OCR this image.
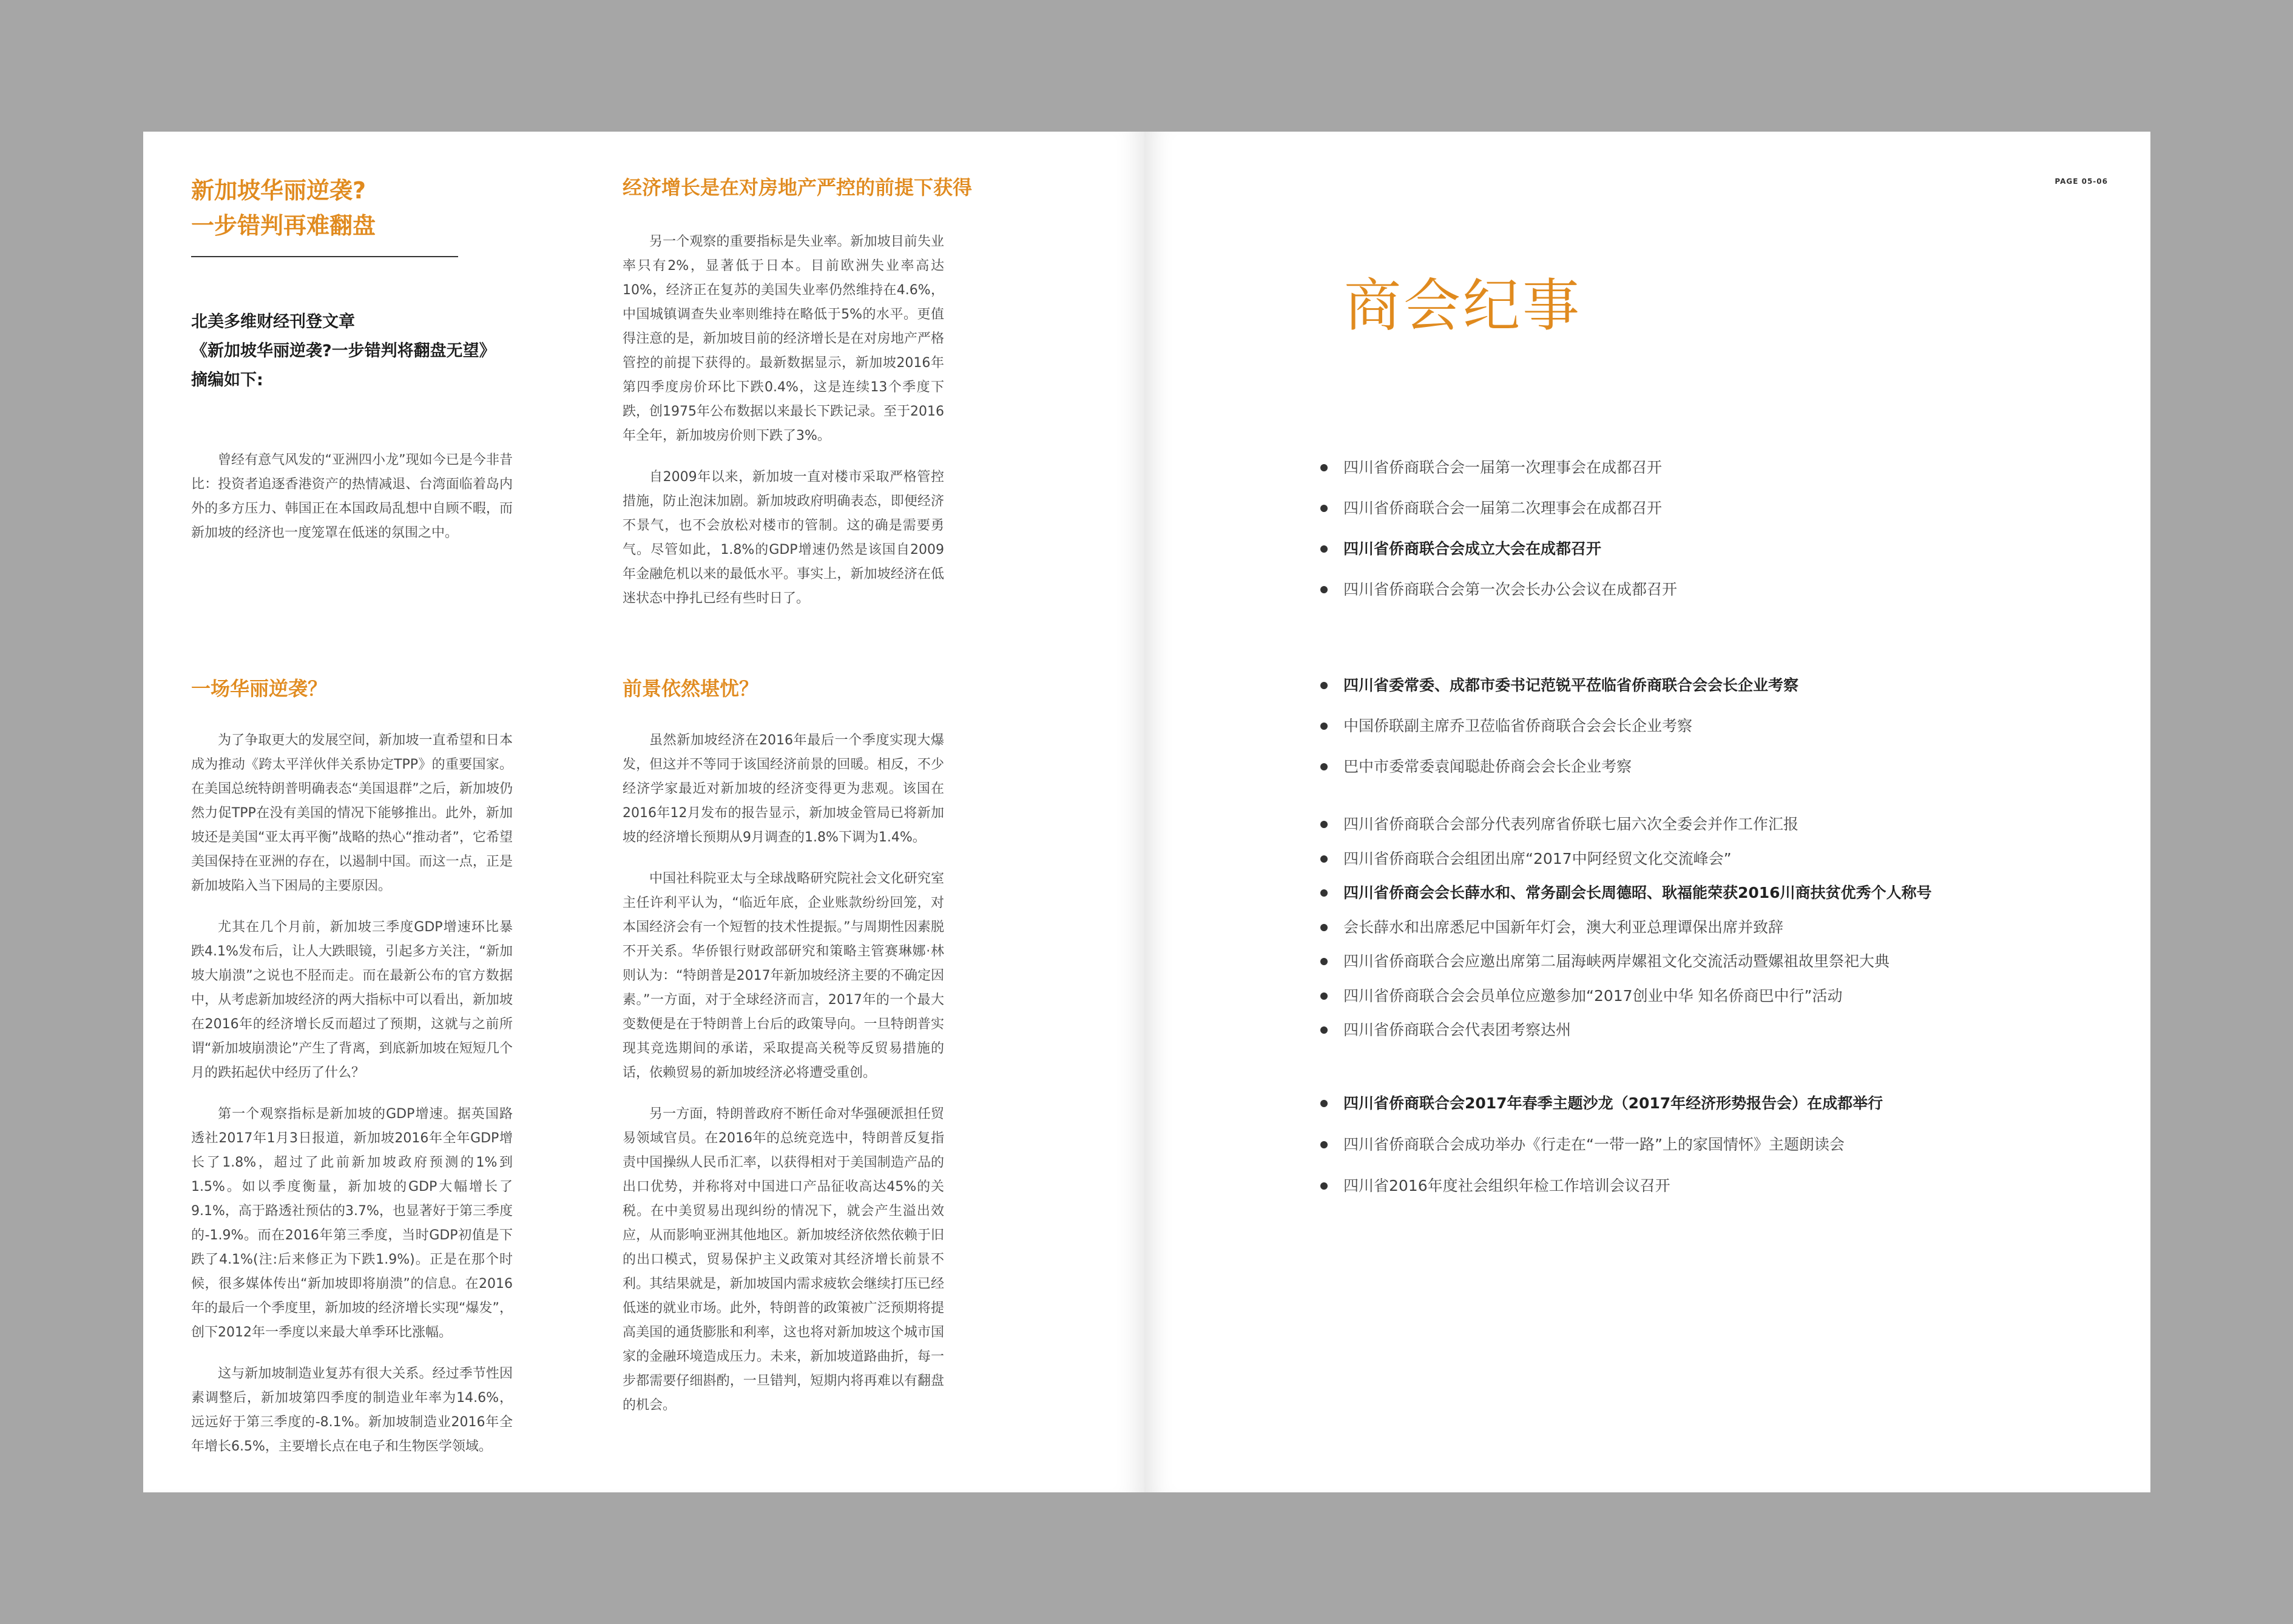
新加坡华丽逆袭?
一步错判再难翻盘
北美多维财经刊登文章
《新加坡华丽逆袭?一步错判将翻盘无望》
摘编如下:

曾经有意气风发的“亚洲四小龙”现如今已是今非昔比：投资者追逐香港资产的热情减退、台湾面临着岛内外的多方压力、韩国正在本国政局乱想中自顾不暇，而新加坡的经济也一度笼罩在低迷的氛围之中。

经济增长是在对房地产严控的前提下获得

另一个观察的重要指标是失业率。新加坡目前失业率只有2%，显著低于日本。目前欧洲失业率高达10%，经济正在复苏的美国失业率仍然维持在4.6%，中国城镇调查失业率则维持在略低于5%的水平。更值得注意的是，新加坡目前的经济增长是在对房地产严格管控的前提下获得的。最新数据显示，新加坡2016年第四季度房价环比下跌0.4%，这是连续13个季度下跌，创1975年公布数据以来最长下跌记录。至于2016年全年，新加坡房价则下跌了3%。

自2009年以来，新加坡一直对楼市采取严格管控措施，防止泡沫加剧。新加坡政府明确表态，即便经济不景气，也不会放松对楼市的管制。这的确是需要勇气。尽管如此，1.8%的GDP增速仍然是该国自2009年金融危机以来的最低水平。事实上，新加坡经济在低迷状态中挣扎已经有些时日了。

一场华丽逆袭？

为了争取更大的发展空间，新加坡一直希望和日本成为推动《跨太平洋伙伴关系协定TPP》的重要国家。在美国总统特朗普明确表态“美国退群”之后，新加坡仍然力促TPP在没有美国的情况下能够推出。此外，新加坡还是美国“亚太再平衡”战略的热心“推动者”，它希望美国保持在亚洲的存在，以遏制中国。而这一点，正是新加坡陷入当下困局的主要原因。

尤其在几个月前，新加坡三季度GDP增速环比暴跌4.1%发布后，让人大跌眼镜，引起多方关注，“新加坡大崩溃”之说也不胫而走。而在最新公布的官方数据中，从考虑新加坡经济的两大指标中可以看出，新加坡在2016年的经济增长反而超过了预期，这就与之前所谓“新加坡崩溃论”产生了背离，到底新加坡在短短几个月的跌拓起伏中经历了什么？

第一个观察指标是新加坡的GDP增速。据英国路透社2017年1月3日报道，新加坡2016年全年GDP增长了1.8%，超过了此前新加坡政府预测的1%到1.5%。如以季度衡量，新加坡的GDP大幅增长了9.1%，高于路透社预估的3.7%，也显著好于第三季度的-1.9%。而在2016年第三季度，当时GDP初值是下跌了4.1%(注:后来修正为下跌1.9%)。正是在那个时候，很多媒体传出“新加坡即将崩溃”的信息。在2016年的最后一个季度里，新加坡的经济增长实现“爆发”，创下2012年一季度以来最大单季环比涨幅。

这与新加坡制造业复苏有很大关系。经过季节性因素调整后，新加坡第四季度的制造业年率为14.6%，远远好于第三季度的-8.1%。新加坡制造业2016年全年增长6.5%，主要增长点在电子和生物医学领域。

前景依然堪忧？

虽然新加坡经济在2016年最后一个季度实现大爆发，但这并不等同于该国经济前景的回暖。相反，不少经济学家最近对新加坡的经济变得更为悲观。该国在2016年12月发布的报告显示，新加坡金管局已将新加坡的经济增长预期从9月调查的1.8%下调为1.4%。

中国社科院亚太与全球战略研究院社会文化研究室主任许利平认为，“临近年底，企业账款纷纷回笼，对本国经济会有一个短暂的技术性提振。”与周期性因素脱不开关系。华侨银行财政部研究和策略主管赛琳娜·林则认为：“特朗普是2017年新加坡经济主要的不确定因素。”一方面，对于全球经济而言，2017年的一个最大变数便是在于特朗普上台后的政策导向。一旦特朗普实现其竞选期间的承诺，采取提高关税等反贸易措施的话，依赖贸易的新加坡经济必将遭受重创。

另一方面，特朗普政府不断任命对华强硬派担任贸易领域官员。在2016年的总统竞选中，特朗普反复指责中国操纵人民币汇率，以获得相对于美国制造产品的出口优势，并称将对中国进口产品征收高达45%的关税。在中美贸易出现纠纷的情况下，就会产生溢出效应，从而影响亚洲其他地区。新加坡经济依然依赖于旧的出口模式，贸易保护主义政策对其经济增长前景不利。其结果就是，新加坡国内需求疲软会继续打压已经低迷的就业市场。此外，特朗普的政策被广泛预期将提高美国的通货膨胀和利率，这也将对新加坡这个城市国家的金融环境造成压力。未来，新加坡道路曲折，每一步都需要仔细斟酌，一旦错判，短期内将再难以有翻盘的机会。

PAGE 05-06
商会纪事
四川省侨商联合会一届第一次理事会在成都召开
四川省侨商联合会一届第二次理事会在成都召开
四川省侨商联合会成立大会在成都召开
四川省侨商联合会第一次会长办公会议在成都召开
四川省委常委、成都市委书记范锐平莅临省侨商联合会会长企业考察
中国侨联副主席乔卫莅临省侨商联合会会长企业考察
巴中市委常委袁闻聪赴侨商会会长企业考察
四川省侨商联合会部分代表列席省侨联七届六次全委会并作工作汇报
四川省侨商联合会组团出席“2017中阿经贸文化交流峰会”
四川省侨商会会长薛水和、常务副会长周德昭、耿福能荣获2016川商扶贫优秀个人称号
会长薛水和出席悉尼中国新年灯会，澳大利亚总理谭保出席并致辞
四川省侨商联合会应邀出席第二届海峡两岸嫘祖文化交流活动暨嫘祖故里祭祀大典
四川省侨商联合会会员单位应邀参加“2017创业中华 知名侨商巴中行”活动
四川省侨商联合会代表团考察达州
四川省侨商联合会2017年春季主题沙龙（2017年经济形势报告会）在成都举行
四川省侨商联合会成功举办《行走在“一带一路”上的家国情怀》主题朗读会
四川省2016年度社会组织年检工作培训会议召开
